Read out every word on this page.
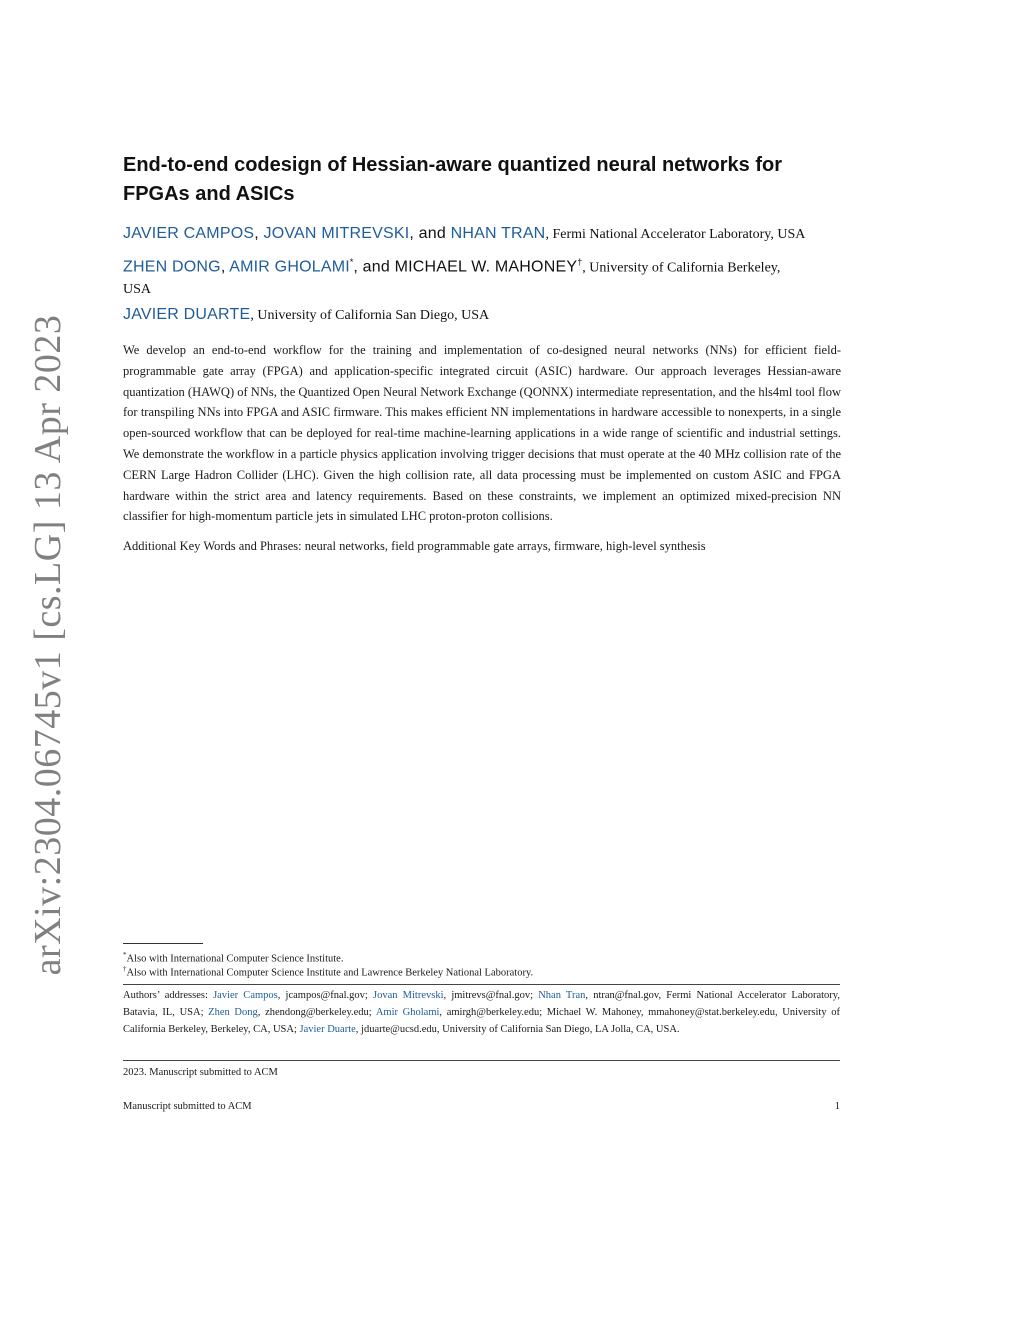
arXiv:2304.06745v1 [cs.LG] 13 Apr 2023
End-to-end codesign of Hessian-aware quantized neural networks for FPGAs and ASICs
JAVIER CAMPOS, JOVAN MITREVSKI, and NHAN TRAN, Fermi National Accelerator Laboratory, USA
ZHEN DONG, AMIR GHOLAMI*, and MICHAEL W. MAHONEY†, University of California Berkeley,
USA
JAVIER DUARTE, University of California San Diego, USA
We develop an end-to-end workflow for the training and implementation of co-designed neural networks (NNs) for efficient field-programmable gate array (FPGA) and application-specific integrated circuit (ASIC) hardware. Our approach leverages Hessian-aware quantization (HAWQ) of NNs, the Quantized Open Neural Network Exchange (QONNX) intermediate representation, and the hls4ml tool flow for transpiling NNs into FPGA and ASIC firmware. This makes efficient NN implementations in hardware accessible to nonexperts, in a single open-sourced workflow that can be deployed for real-time machine-learning applications in a wide range of scientific and industrial settings. We demonstrate the workflow in a particle physics application involving trigger decisions that must operate at the 40 MHz collision rate of the CERN Large Hadron Collider (LHC). Given the high collision rate, all data processing must be implemented on custom ASIC and FPGA hardware within the strict area and latency requirements. Based on these constraints, we implement an optimized mixed-precision NN classifier for high-momentum particle jets in simulated LHC proton-proton collisions.
Additional Key Words and Phrases: neural networks, field programmable gate arrays, firmware, high-level synthesis
*Also with International Computer Science Institute.
†Also with International Computer Science Institute and Lawrence Berkeley National Laboratory.
Authors’ addresses: Javier Campos, jcampos@fnal.gov; Jovan Mitrevski, jmitrevs@fnal.gov; Nhan Tran, ntran@fnal.gov, Fermi National Accelerator Laboratory, Batavia, IL, USA; Zhen Dong, zhendong@berkeley.edu; Amir Gholami, amirgh@berkeley.edu; Michael W. Mahoney, mmahoney@stat.berkeley.edu, University of California Berkeley, Berkeley, CA, USA; Javier Duarte, jduarte@ucsd.edu, University of California San Diego, LA Jolla, CA, USA.
2023. Manuscript submitted to ACM
Manuscript submitted to ACM	1
